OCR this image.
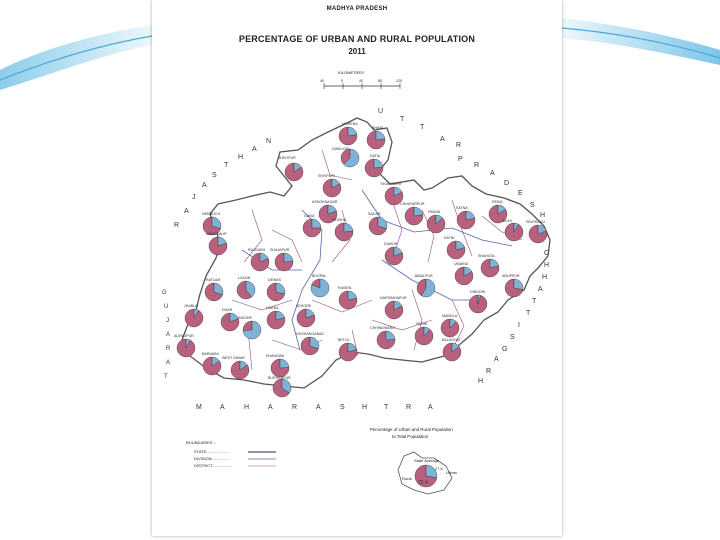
MADHYA PRADESH
PERCENTAGE OF URBAN AND RURAL POPULATION
2011
KILOMETRES
40	0	40	80	120
U
T
T
A
R
P
R
A
D
E
S
H
R
A
J
A
S
T
H
A
N
C
H
H
A
T
T
I
S
G
A
R
H
M	A	H	A	R	A	S H T R A
G
U
J
A
R
A
T
SHEOPUR
MORENA
BHIND
GWALIOR
DATIA
SHIVPURI
TIKAMGARH
CHHATARPUR
PANNA
SATNA
REWA
SIDHI	SINGRAULI
NEEMUCH
MANDSAUR
RATLAM	UJJAIN
SHAJAPUR
DEWAS
JHABUA
ALIRAJPUR
DHAR
INDORE
WEST NIMAR
BARWANI
RAJGARH
VIDISHA
BHOPAL
SEHORE
RAISEN
BETUL
HARDA
HOSHANGABAD
KATNI
JABALPUR
NARSIMHAPUR
DINDORI
MANDLA
CHHINDWARA
SEONI
BALAGHAT
GUNA
ASHOKNAGAR
SHAHDOL
ANUPPUR
UMARIA
DAMOH
SAGAR
KHANDWA
BURHANPUR
BOUNDARIES :-
STATE.....................
DIVISION.................
DISTRICT..................
Percentage of Urban and Rural Population
to Total Population
State Average
Urban
Rural
72.4
27.6
